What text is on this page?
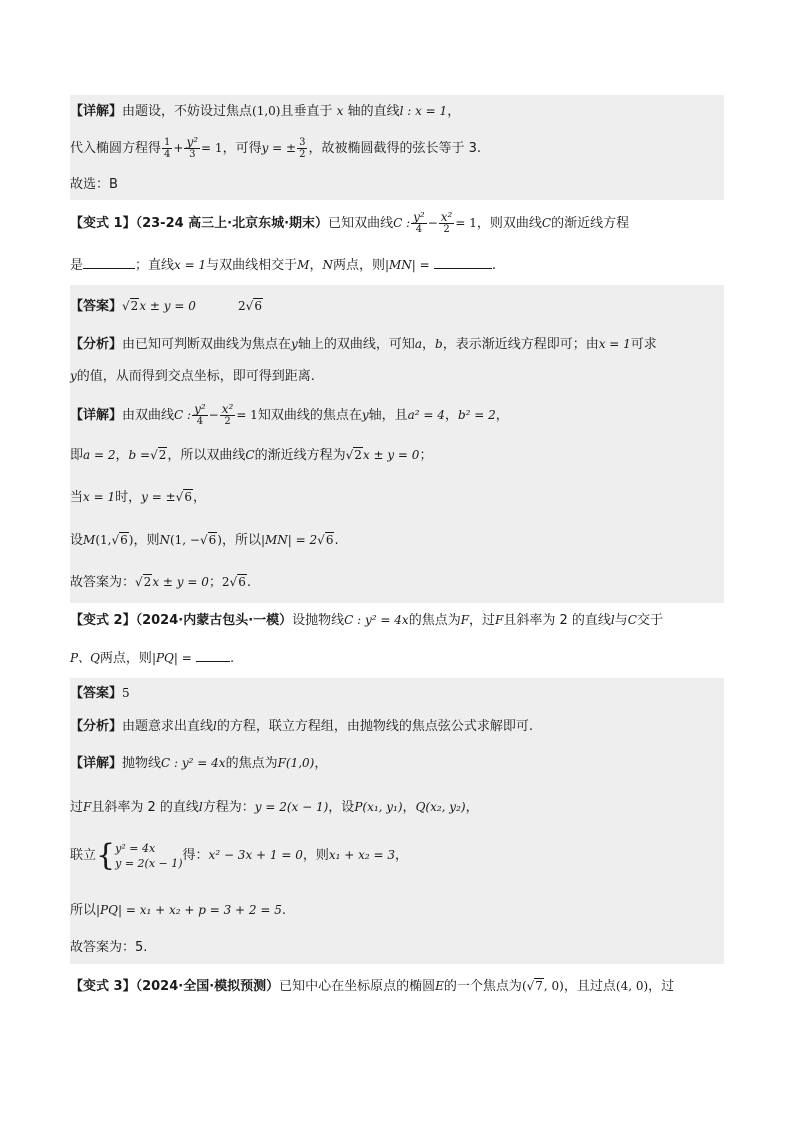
【详解】由题设，不妨设过焦点(1,0)且垂直于 x 轴的直线l : x = 1，
代入椭圆方程得 $\frac{1}{4} + \frac{\text{y²}}{3} = 1$，可得y = ± $\frac{3}{2}$ ，故被椭圆截得的弦长等于 3.
故选：B
【变式 1】（23-24 高三上·北京东城·期末）已知双曲线C : $\frac{\text{y²}}{4} - \frac{\text{x²}}{2} = 1$，则双曲线C的渐近线方程
是	；直线x = 1与双曲线相交于M，N两点，则|MN| =	.
【答案】√2x ± y = 0	2√6
【分析】由已知可判断双曲线为焦点在y轴上的双曲线，可知a，b，表示渐近线方程即可；由x = 1可求
y的值，从而得到交点坐标，即可得到距离.
【详解】由双曲线C : $\frac{\text{y²}}{4} - \frac{\text{x²}}{2} = 1$知双曲线的焦点在y轴，且a² = 4，b² = 2，
即a = 2，b =√2，所以双曲线C的渐近线方程为√2x ± y = 0；
当x = 1时，y = ±√6，
设M(1,√6)，则N(1, −√6)，所以|MN| = 2√6.
故答案为：√2x ± y = 0；2√6.
【变式 2】（2024·内蒙古包头·一模）设抛物线C : y² = 4x的焦点为F，过F且斜率为 2 的直线l与C交于
P、Q两点，则|PQ| =	.
【答案】5
【分析】由题意求出直线l的方程，联立方程组，由抛物线的焦点弦公式求解即可.
【详解】抛物线C : y² = 4x的焦点为F(1,0)，
过F且斜率为 2 的直线l方程为：y = 2(x − 1)，设P(x₁, y₁)，Q(x₂, y₂)，
联立{ y² = 4x
y = 2(x − 1) 得：x² − 3x + 1 = 0，则x₁ + x₂ = 3，
所以|PQ| = x₁ + x₂ + p = 3 + 2 = 5.
故答案为：5.
【变式 3】（2024·全国·模拟预测）已知中心在坐标原点的椭圆E的一个焦点为(√7, 0)，且过点(4, 0)，过
